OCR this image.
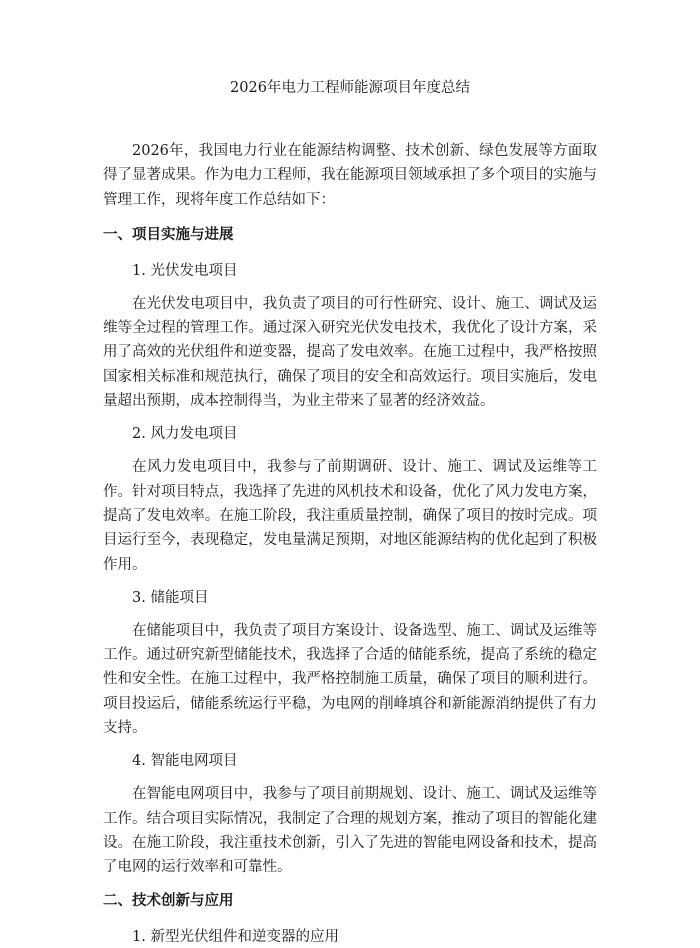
2026年电力工程师能源项目年度总结

2026年，我国电力行业在能源结构调整、技术创新、绿色发展等方面取得了显著成果。作为电力工程师，我在能源项目领域承担了多个项目的实施与管理工作，现将年度工作总结如下：

一、项目实施与进展
1. 光伏发电项目

在光伏发电项目中，我负责了项目的可行性研究、设计、施工、调试及运维等全过程的管理工作。通过深入研究光伏发电技术，我优化了设计方案，采用了高效的光伏组件和逆变器，提高了发电效率。在施工过程中，我严格按照国家相关标准和规范执行，确保了项目的安全和高效运行。项目实施后，发电量超出预期，成本控制得当，为业主带来了显著的经济效益。

2. 风力发电项目

在风力发电项目中，我参与了前期调研、设计、施工、调试及运维等工作。针对项目特点，我选择了先进的风机技术和设备，优化了风力发电方案，提高了发电效率。在施工阶段，我注重质量控制，确保了项目的按时完成。项目运行至今，表现稳定，发电量满足预期，对地区能源结构的优化起到了积极作用。

3. 储能项目

在储能项目中，我负责了项目方案设计、设备选型、施工、调试及运维等工作。通过研究新型储能技术，我选择了合适的储能系统，提高了系统的稳定性和安全性。在施工过程中，我严格控制施工质量，确保了项目的顺利进行。项目投运后，储能系统运行平稳，为电网的削峰填谷和新能源消纳提供了有力支持。

4. 智能电网项目

在智能电网项目中，我参与了项目前期规划、设计、施工、调试及运维等工作。结合项目实际情况，我制定了合理的规划方案，推动了项目的智能化建设。在施工阶段，我注重技术创新，引入了先进的智能电网设备和技术，提高了电网的运行效率和可靠性。

二、技术创新与应用
1. 新型光伏组件和逆变器的应用
